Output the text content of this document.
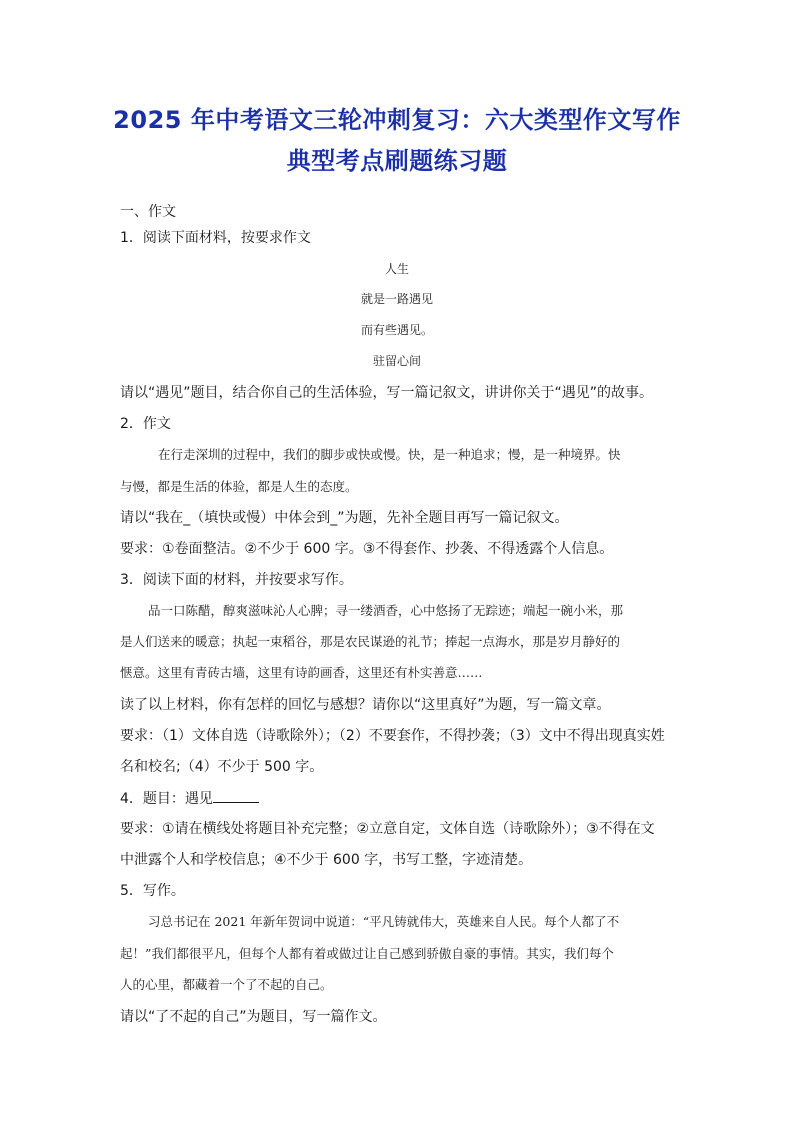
2025 年中考语文三轮冲刺复习：六大类型作文写作
典型考点刷题练习题
一、作文
1．阅读下面材料，按要求作文
人生
就是一路遇见
而有些遇见。
驻留心间
请以“遇见”题目，结合你自己的生活体验，写一篇记叙文，讲讲你关于“遇见”的故事。
2．作文
在行走深圳的过程中，我们的脚步或快或慢。快，是一种追求；慢，是一种境界。快
与慢，都是生活的体验，都是人生的态度。
请以“我在_（填快或慢）中体会到_”为题，先补全题目再写一篇记叙文。
要求：①卷面整洁。②不少于 600 字。③不得套作、抄袭、不得透露个人信息。
3．阅读下面的材料，并按要求写作。
品一口陈醋，醇爽滋味沁人心脾；寻一缕酒香，心中悠扬了无踪迹；端起一碗小米，那
是人们送来的暖意；执起一束稻谷，那是农民谋逊的礼节；捧起一点海水，那是岁月静好的
惬意。这里有青砖古墙，这里有诗韵画香，这里还有朴实善意……
读了以上材料，你有怎样的回忆与感想？请你以“这里真好”为题，写一篇文章。
要求：（1）文体自选（诗歌除外）；（2）不要套作，不得抄袭；（3）文中不得出现真实姓
名和校名;（4）不少于 500 字。
4．题目：遇见
要求：①请在横线处将题目补充完整；②立意自定，文体自选（诗歌除外）；③不得在文
中泄露个人和学校信息；④不少于 600 字，书写工整，字迹清楚。
5．写作。
习总书记在 2021 年新年贺词中说道：“平凡铸就伟大，英雄来自人民。每个人都了不
起！”我们都很平凡，但每个人都有着或做过让自己感到骄傲自豪的事情。其实，我们每个
人的心里，都藏着一个了不起的自己。
请以“了不起的自己”为题目，写一篇作文。
